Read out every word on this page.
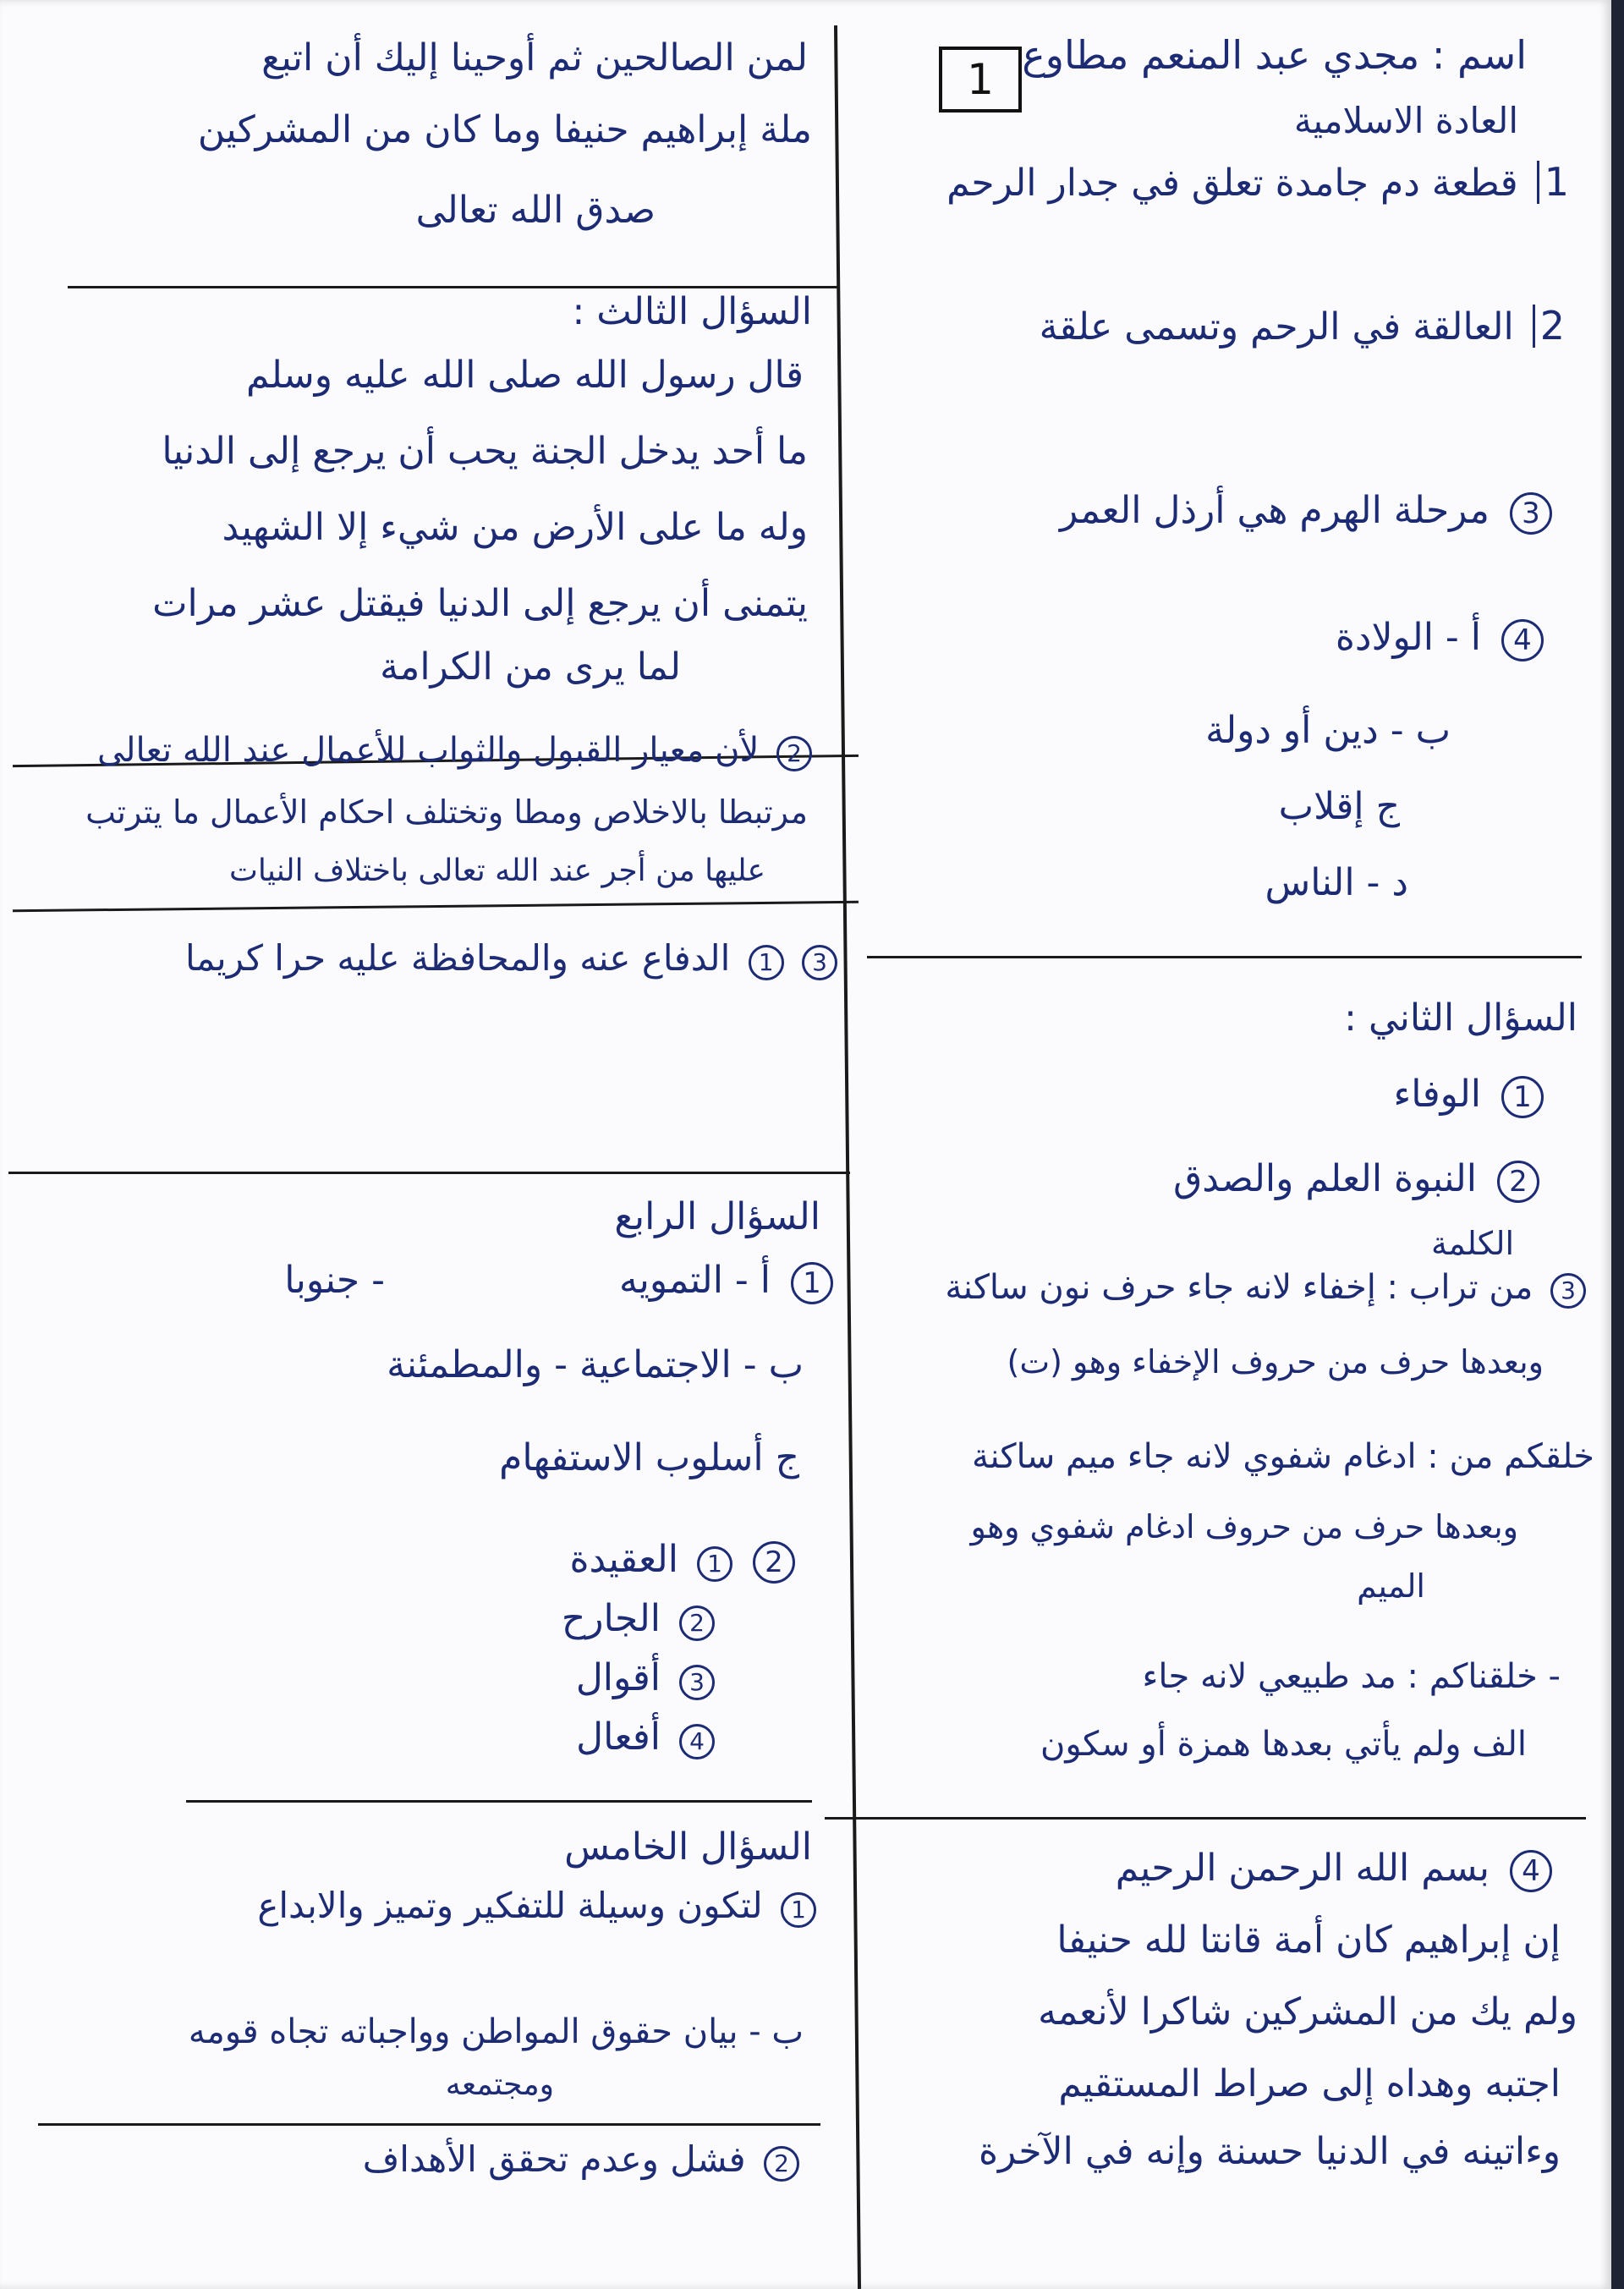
1 اسم : مجدي عبد المنعم مطاوع
العادة الاسلامية
1 قطعة دم جامدة تعلق في جدار الرحم
2 العالقة في الرحم وتسمى علقة
3 مرحلة الهرم هي أرذل العمر
4 أ - الولادة
ب - دين أو دولة
ج إقلاب
د - الناس
السؤال الثاني :
1 الوفاء
2 النبوة العلم والصدق
الكلمة
3 من تراب : إخفاء لانه جاء حرف نون ساكنة
وبعدها حرف من حروف الإخفاء وهو (ت)
خلقكم من : ادغام شفوي لانه جاء ميم ساكنة
وبعدها حرف من حروف ادغام شفوي وهو
الميم
- خلقناكم : مد طبيعي لانه جاء
الف ولم يأتي بعدها همزة أو سكون
4 بسم الله الرحمن الرحيم
إن إبراهيم كان أمة قانتا لله حنيفا
ولم يك من المشركين شاكرا لأنعمه
اجتبه وهداه إلى صراط المستقيم
وءاتينه في الدنيا حسنة وإنه في الآخرة
لمن الصالحين ثم أوحينا إليك أن اتبع
ملة إبراهيم حنيفا وما كان من المشركين
صدق الله تعالى
السؤال الثالث :
قال رسول الله صلى الله عليه وسلم
ما أحد يدخل الجنة يحب أن يرجع إلى الدنيا
وله ما على الأرض من شيء إلا الشهيد
يتمنى أن يرجع إلى الدنيا فيقتل عشر مرات
لما يرى من الكرامة
2 لأن معيار القبول والثواب للأعمال عند الله تعالى
مرتبطا بالاخلاص ومطا وتختلف احكام الأعمال ما يترتب
عليها من أجر عند الله تعالى باختلاف النيات
3 1 الدفاع عنه والمحافظة عليه حرا كريما
السؤال الرابع
1 أ - التمويه
- جنوبا
ب - الاجتماعية - والمطمئنة
ج أسلوب الاستفهام
2 1 العقيدة
2 الجارح
3 أقوال
4 أفعال
السؤال الخامس
1 لتكون وسيلة للتفكير وتميز والابداع
ب - بيان حقوق المواطن وواجباته تجاه قومه
ومجتمعه
2 فشل وعدم تحقق الأهداف
